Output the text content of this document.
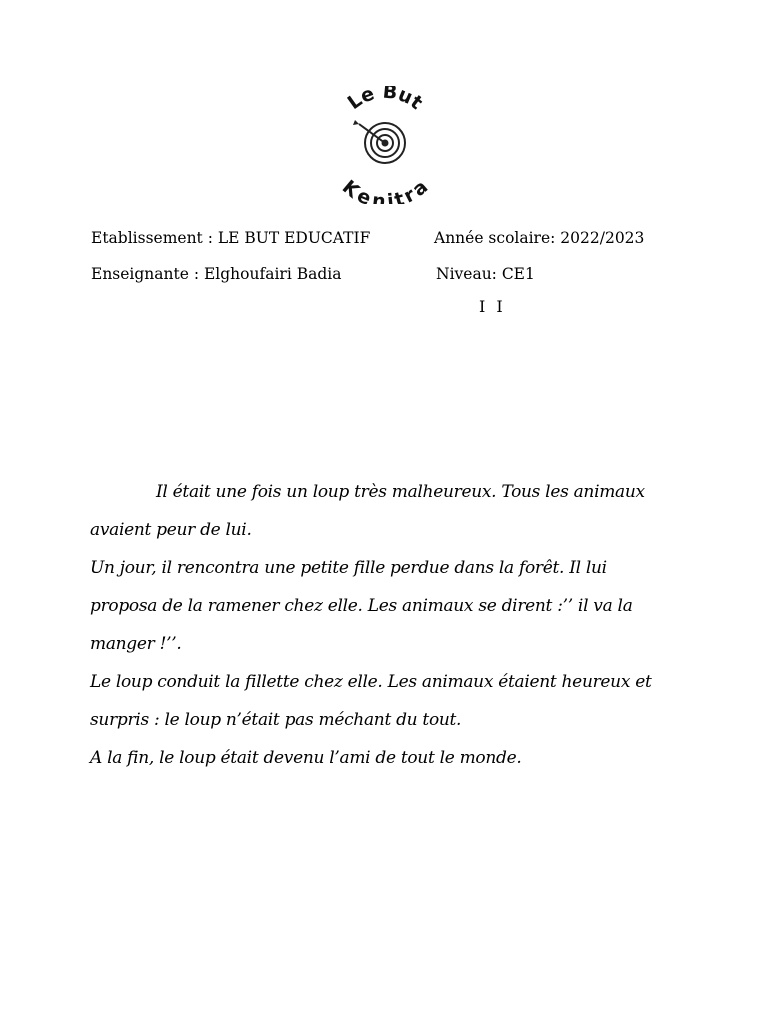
Le But
Kenitra
Etablissement : LE BUT EDUCATIF	Année scolaire: 2022/2023
Enseignante : Elghoufairi Badia	Niveau: CE1
I I

Il était une fois un loup très malheureux. Tous les animaux avaient peur de lui.

Un jour, il rencontra une petite fille perdue dans la forêt. Il lui proposa de la ramener chez elle. Les animaux se dirent :’’ il va la manger !’’.

Le loup conduit la fillette chez elle. Les animaux étaient heureux et surpris : le loup n’était pas méchant du tout.

A la fin, le loup était devenu l’ami de tout le monde.
